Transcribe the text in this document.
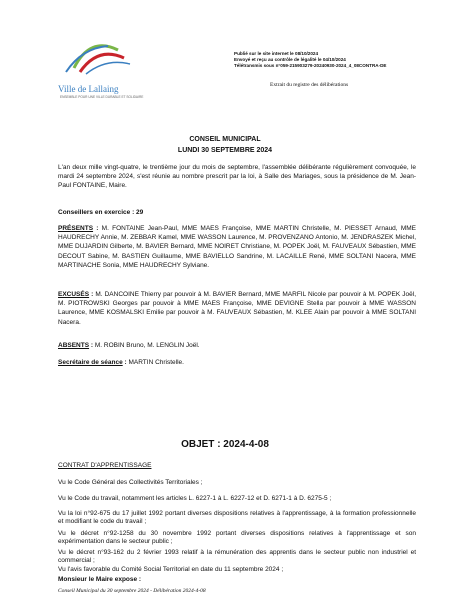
Ville de Lallaing
ENSEMBLE POUR UNE VILLE DURABLE ET SOLIDAIRE
Publié sur le site internet le 08/10/2024
Envoyé et reçu au contrôle de légalité le 04/10/2024
Télétransmis sous n°059-215903279-20240930-2024_4_08CONTRA-DE
Extrait du registre des délibérations
CONSEIL MUNICIPAL
LUNDI 30 SEPTEMBRE 2024
L'an deux mille vingt-quatre, le trentième jour du mois de septembre, l'assemblée délibérante régulièrement convoquée, le mardi 24 septembre 2024, s'est réunie au nombre prescrit par la loi, à Salle des Mariages, sous la présidence de M. Jean-Paul FONTAINE, Maire.
Conseillers en exercice : 29
PRÉSENTS : M. FONTAINE Jean-Paul, MME MAES Françoise, MME MARTIN Christelle, M. PIESSET Arnaud, MME HAUDRECHY Annie, M. ZEBBAR Kamel, MME WASSON Laurence, M. PROVENZANO Antonio, M. JENDRASZEK Michel, MME DUJARDIN Gilberte, M. BAVIER Bernard, MME NOIRET Christiane, M. POPEK Joël, M. FAUVEAUX Sébastien, MME DECOUT Sabine, M. BASTIEN Guillaume, MME BAVIELLO Sandrine, M. LACAILLE René, MME SOLTANI Nacera, MME MARTINACHE Sonia, MME HAUDRECHY Sylviane.
EXCUSÉS : M. DANCOINE Thierry par pouvoir à M. BAVIER Bernard, MME MARFIL Nicole par pouvoir à M. POPEK Joël, M. PIOTROWSKI Georges par pouvoir à MME MAES Françoise, MME DEVIGNE Stella par pouvoir à MME WASSON Laurence, MME KOSMALSKI Emilie par pouvoir à M. FAUVEAUX Sébastien, M. KLEE Alain par pouvoir à MME SOLTANI Nacera.
ABSENTS : M. ROBIN Bruno, M. LENGLIN Joël.
Secrétaire de séance : MARTIN Christelle.
OBJET : 2024-4-08
CONTRAT D'APPRENTISSAGE
Vu le Code Général des Collectivités Territoriales ;
Vu le Code du travail, notamment les articles L. 6227-1 à L. 6227-12 et D. 6271-1 à D. 6275-5 ;
Vu la loi n°92-675 du 17 juillet 1992 portant diverses dispositions relatives à l'apprentissage, à la formation professionnelle et modifiant le code du travail ;
Vu le décret n°92-1258 du 30 novembre 1992 portant diverses dispositions relatives à l'apprentissage et son expérimentation dans le secteur public ;
Vu le décret n°93-162 du 2 février 1993 relatif à la rémunération des apprentis dans le secteur public non industriel et commercial ;
Vu l'avis favorable du Comité Social Territorial en date du 11 septembre 2024 ;
Monsieur le Maire expose :
Conseil Municipal du 30 septembre 2024 - Délibération 2024-4-08
